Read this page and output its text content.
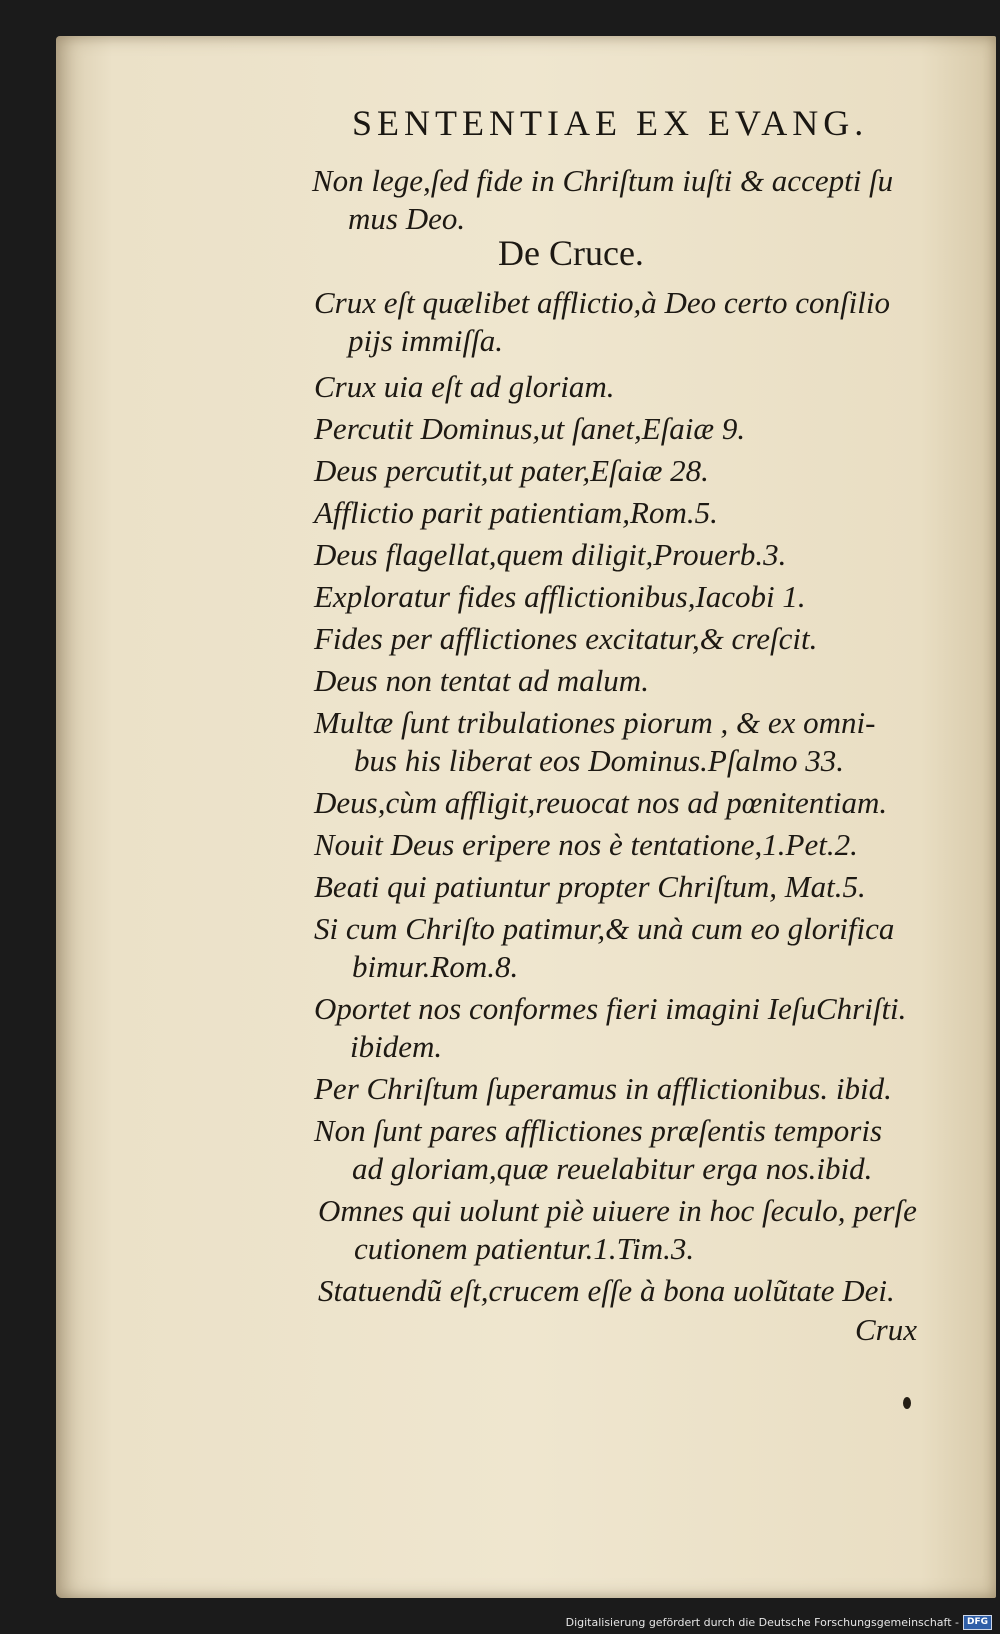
SENTENTIAE EX EVANG.
Non lege,ſed fide in Chriſtum iuſti & accepti ſu
mus Deo.
De Cruce.
Crux eſt quælibet afflictio,à Deo certo conſilio
pijs immiſſa.
Crux uia eſt ad gloriam.
Percutit Dominus,ut ſanet,Eſaiæ 9.
Deus percutit,ut pater,Eſaiæ 28.
Afflictio parit patientiam,Rom.5.
Deus flagellat,quem diligit,Prouerb.3.
Exploratur fides afflictionibus,Iacobi 1.
Fides per afflictiones excitatur,& creſcit.
Deus non tentat ad malum.
Multæ ſunt tribulationes piorum , & ex omni-
bus his liberat eos Dominus.Pſalmo 33.
Deus,cùm affligit,reuocat nos ad pœnitentiam.
Nouit Deus eripere nos è tentatione,1.Pet.2.
Beati qui patiuntur propter Chriſtum, Mat.5.
Si cum Chriſto patimur,& unà cum eo glorifica
bimur.Rom.8.
Oportet nos conformes fieri imagini IeſuChriſti.
ibidem.
Per Chriſtum ſuperamus in afflictionibus. ibid.
Non ſunt pares afflictiones præſentis temporis
ad gloriam,quæ reuelabitur erga nos.ibid.
Omnes qui uolunt piè uiuere in hoc ſeculo, perſe
cutionem patientur.1.Tim.3.
Statuendũ eſt,crucem eſſe à bona uolũtate Dei.
Crux
Digitalisierung gefördert durch die Deutsche Forschungsgemeinschaft - DFG
